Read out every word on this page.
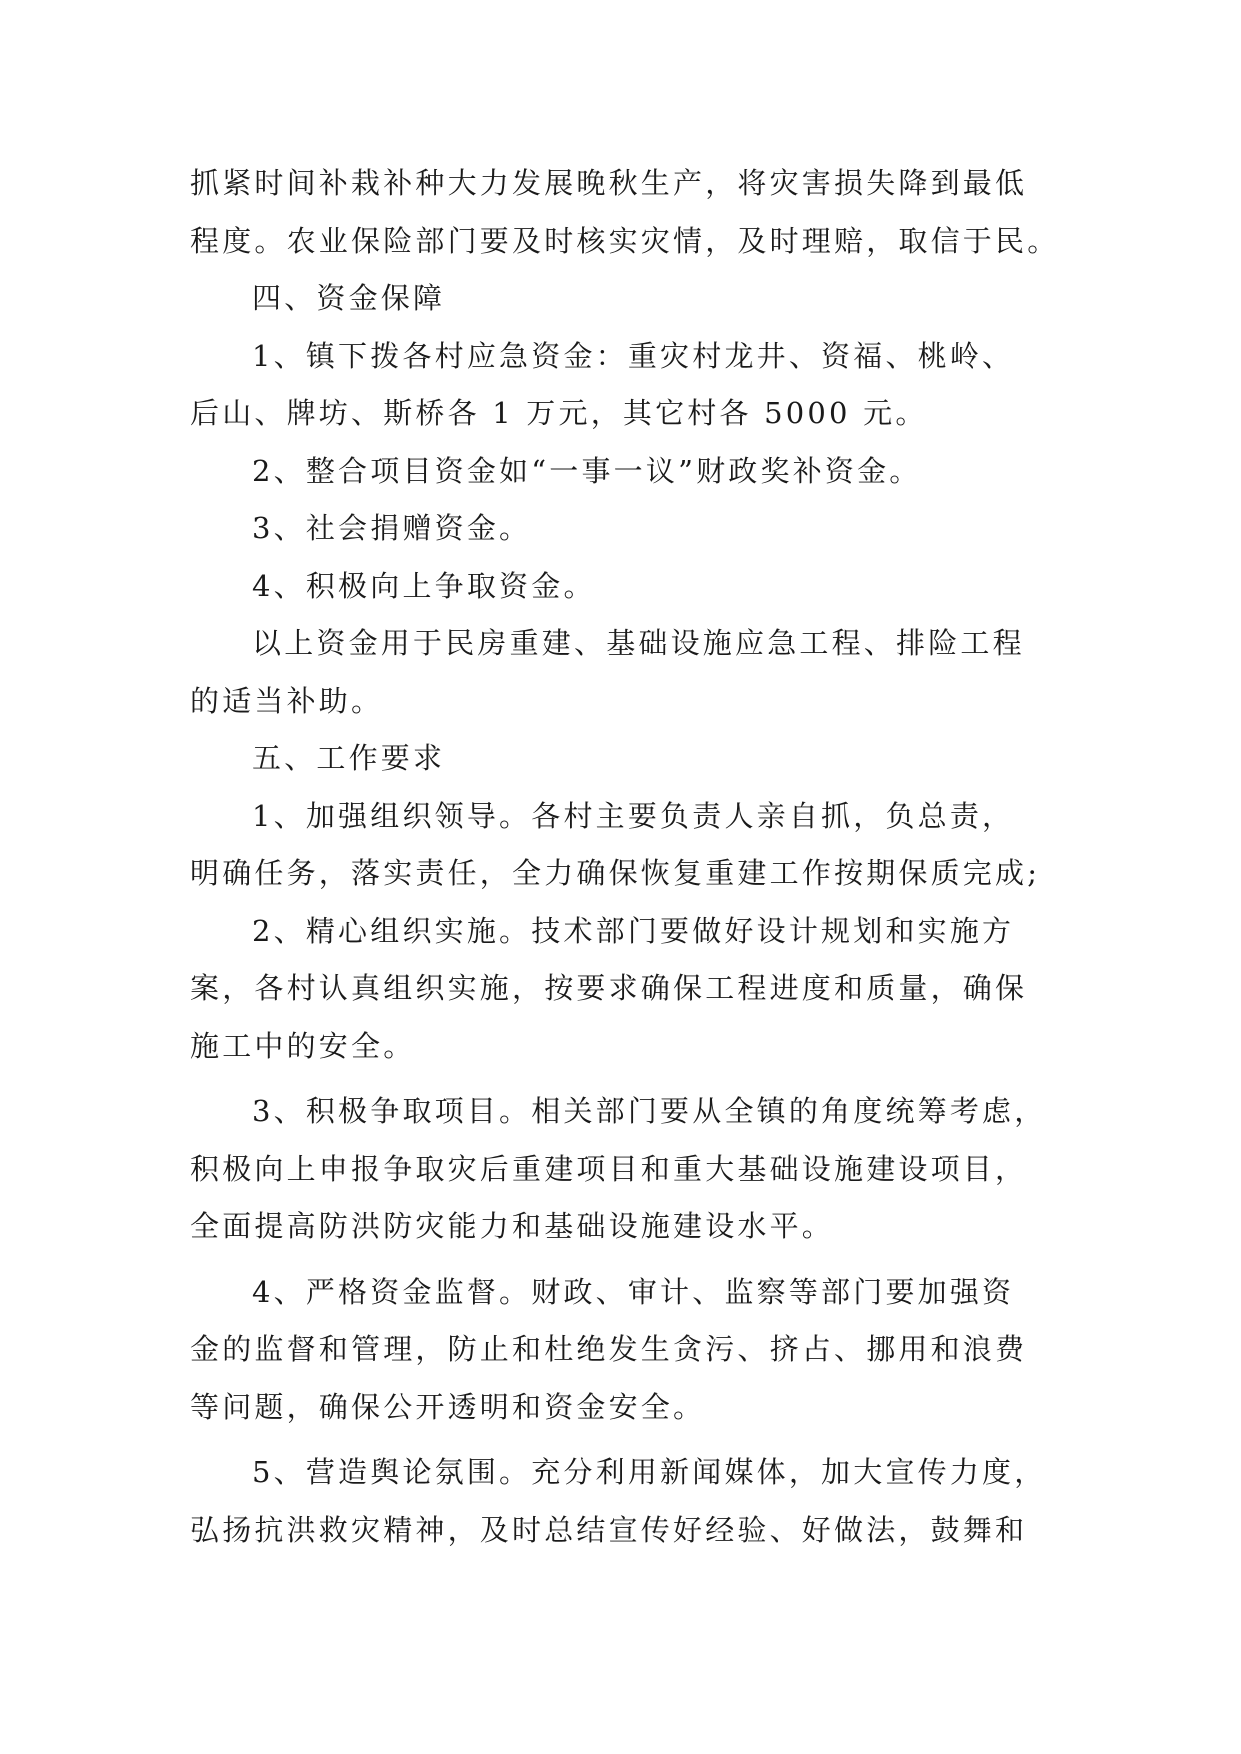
抓紧时间补栽补种大力发展晚秋生产，将灾害损失降到最低
程度。农业保险部门要及时核实灾情，及时理赔，取信于民。
四、资金保障
1、镇下拨各村应急资金：重灾村龙井、资福、桃岭、
后山、牌坊、斯桥各 1 万元，其它村各 5000 元。
2、整合项目资金如“一事一议”财政奖补资金。
3、社会捐赠资金。
4、积极向上争取资金。
以上资金用于民房重建、基础设施应急工程、排险工程
的适当补助。
五、工作要求
1、加强组织领导。各村主要负责人亲自抓，负总责，
明确任务，落实责任，全力确保恢复重建工作按期保质完成;
2、精心组织实施。技术部门要做好设计规划和实施方
案，各村认真组织实施，按要求确保工程进度和质量，确保
施工中的安全。
3、积极争取项目。相关部门要从全镇的角度统筹考虑，
积极向上申报争取灾后重建项目和重大基础设施建设项目，
全面提高防洪防灾能力和基础设施建设水平。
4、严格资金监督。财政、审计、监察等部门要加强资
金的监督和管理，防止和杜绝发生贪污、挤占、挪用和浪费
等问题，确保公开透明和资金安全。
5、营造舆论氛围。充分利用新闻媒体，加大宣传力度，
弘扬抗洪救灾精神，及时总结宣传好经验、好做法，鼓舞和
